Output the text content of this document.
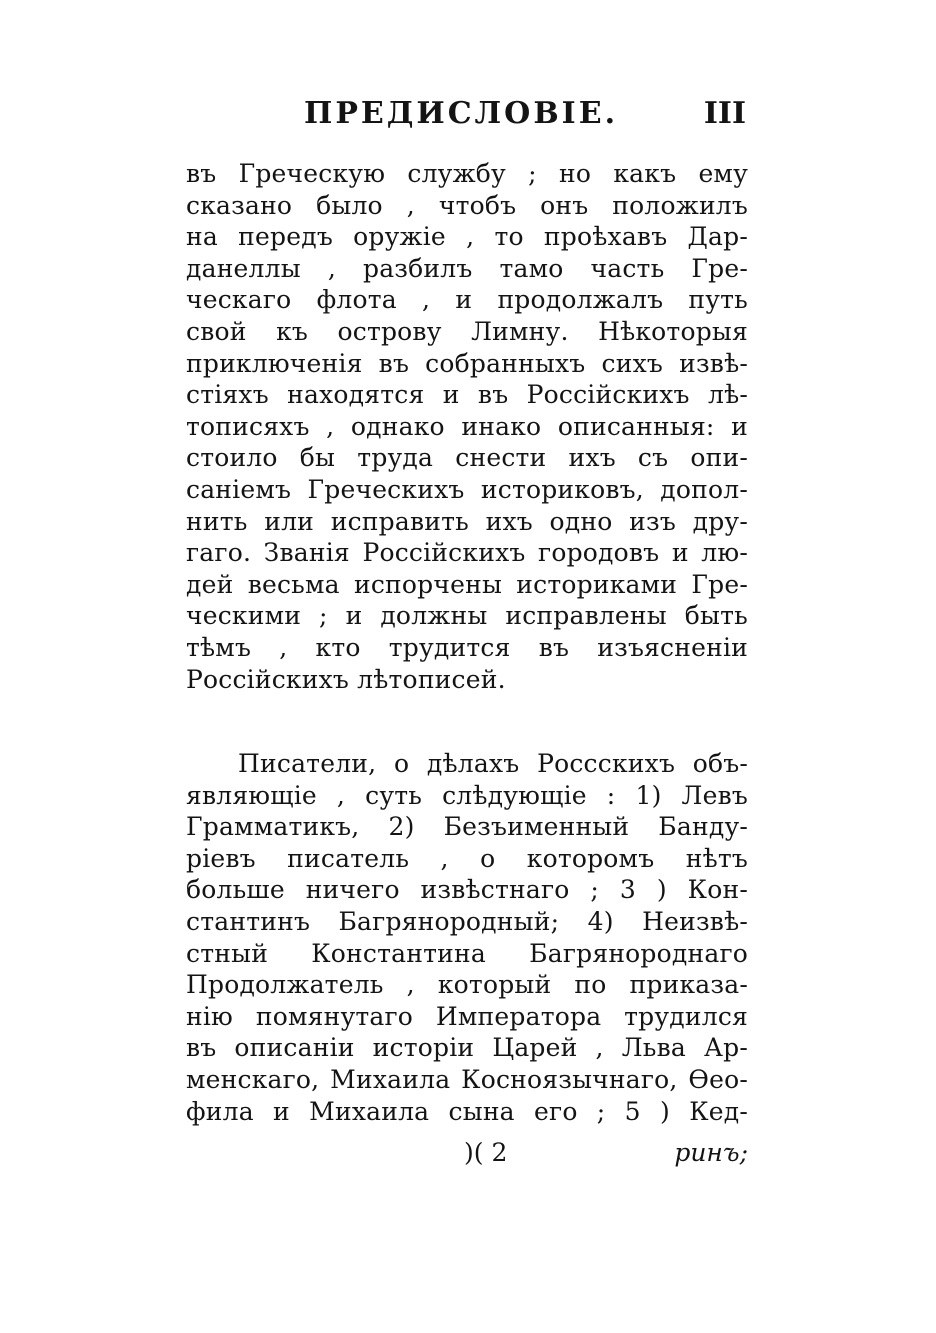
ПРЕДИСЛОВІЕ.	III
въ Греческую службу ; но какъ ему
сказано было , чтобъ онъ положилъ
на передъ оружіе , то проѣхавъ Дар-
данеллы , разбилъ тамо часть Гре-
ческаго флота , и продолжалъ путь
свой къ острову Лимну. Нѣкоторыя
приключенія въ собранныхъ сихъ извѣ-
стіяхъ находятся и въ Россійскихъ лѣ-
тописяхъ , однако инако описанныя: и
стоило бы труда снести ихъ съ опи-
саніемъ Греческихъ историковъ, допол-
нить или исправить ихъ одно изъ дру-
гаго. Званія Россійскихъ городовъ и лю-
дей весьма испорчены историками Гре-
ческими ; и должны исправлены быть
тѣмъ , кто трудится въ изъясненіи
Россійскихъ лѣтописей.
Писатели, о дѣлахъ Россскихъ объ-
являющіе , суть слѣдующіе : 1) Левъ
Грамматикъ, 2) Безъименный Банду-
ріевъ писатель , о которомъ нѣтъ
больше ничего извѣстнаго ; 3 ) Кон-
стантинъ Багрянородный; 4) Неизвѣ-
стный Константина Багрянороднаго
Продолжатель , который по приказа-
нію помянутаго Императора трудился
въ описаніи исторіи Царей , Льва Ар-
менскаго, Михаила Косноязычнаго, Ѳео-
фила и Михаила сына его ; 5 ) Кед-
)( 2	ринъ;
